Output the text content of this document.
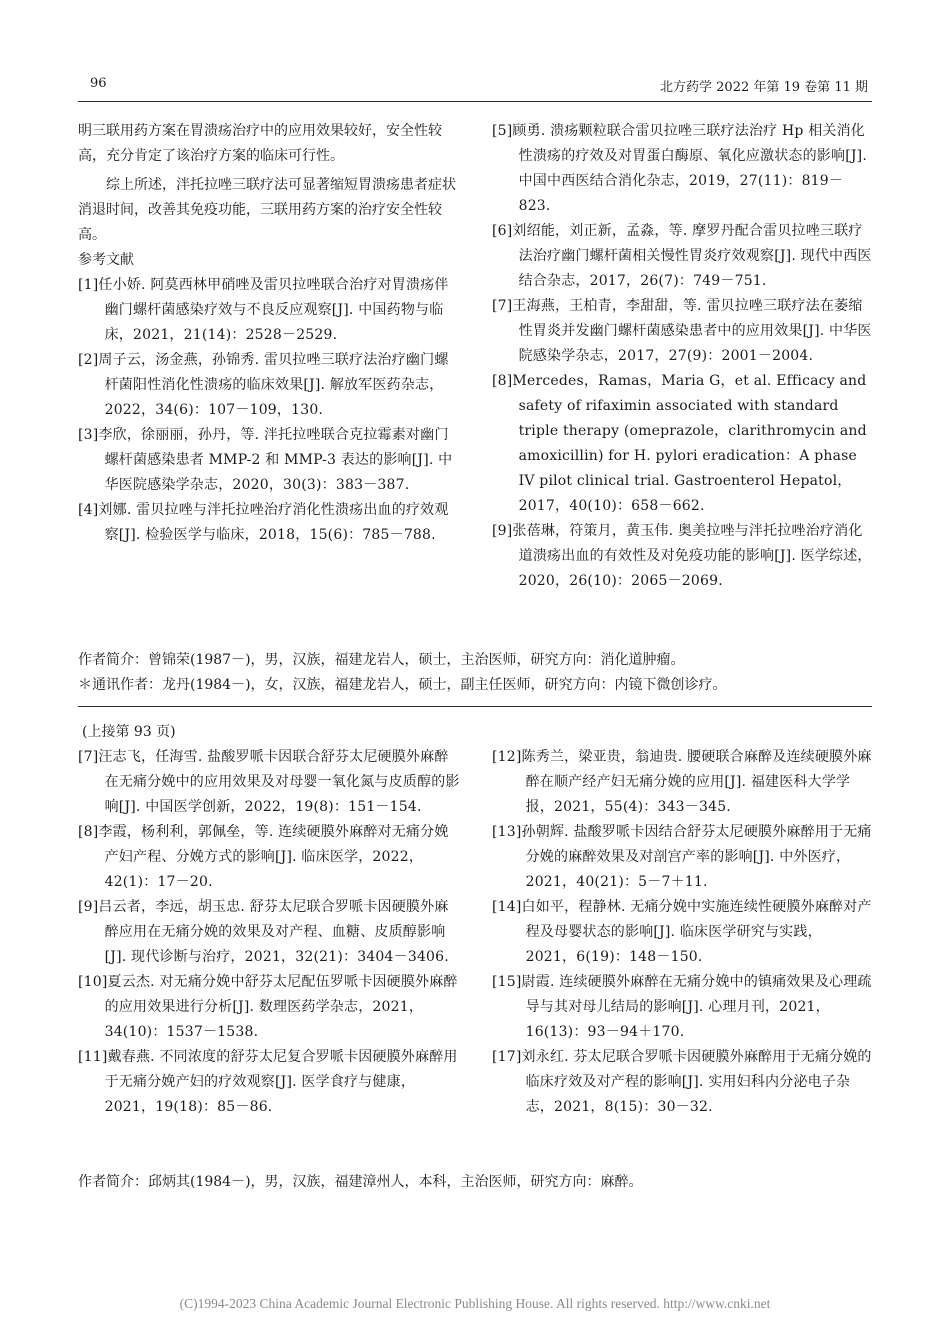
96	北方药学 2022 年第 19 卷第 11 期

明三联用药方案在胃溃疡治疗中的应用效果较好，安全性较高，充分肯定了该治疗方案的临床可行性。

综上所述，泮托拉唑三联疗法可显著缩短胃溃疡患者症状消退时间，改善其免疫功能，三联用药方案的治疗安全性较高。

参考文献

[1]任小娇. 阿莫西林甲硝唑及雷贝拉唑联合治疗对胃溃疡伴幽门螺杆菌感染疗效与不良反应观察[J]. 中国药物与临床，2021，21(14)：2528－2529.

[2]周子云，汤金燕，孙锦秀. 雷贝拉唑三联疗法治疗幽门螺杆菌阳性消化性溃疡的临床效果[J]. 解放军医药杂志，2022，34(6)：107－109，130.

[3]李欣，徐丽丽，孙丹，等. 泮托拉唑联合克拉霉素对幽门螺杆菌感染患者 MMP-2 和 MMP-3 表达的影响[J]. 中华医院感染学杂志，2020，30(3)：383－387.

[4]刘娜. 雷贝拉唑与泮托拉唑治疗消化性溃疡出血的疗效观察[J]. 检验医学与临床，2018，15(6)：785－788.

[5]顾勇. 溃疡颗粒联合雷贝拉唑三联疗法治疗 Hp 相关消化性溃疡的疗效及对胃蛋白酶原、氧化应激状态的影响[J]. 中国中西医结合消化杂志，2019，27(11)：819－823.

[6]刘绍能，刘正新，孟淼，等. 摩罗丹配合雷贝拉唑三联疗法治疗幽门螺杆菌相关慢性胃炎疗效观察[J]. 现代中西医结合杂志，2017，26(7)：749－751.

[7]王海燕，王柏青，李甜甜，等. 雷贝拉唑三联疗法在萎缩性胃炎并发幽门螺杆菌感染患者中的应用效果[J]. 中华医院感染学杂志，2017，27(9)：2001－2004.

[8]Mercedes，Ramas，Maria G，et al. Efficacy and safety of rifaximin associated with standard triple therapy (omeprazole，clarithromycin and amoxicillin) for H. pylori eradication：A phase IV pilot clinical trial. Gastroenterol Hepatol，2017，40(10)：658－662.

[9]张蓓琳，符策月，黄玉伟. 奥美拉唑与泮托拉唑治疗消化道溃疡出血的有效性及对免疫功能的影响[J]. 医学综述，2020，26(10)：2065－2069.

作者简介：曾锦荣(1987－)，男，汉族，福建龙岩人，硕士，主治医师，研究方向：消化道肿瘤。
＊通讯作者：龙丹(1984－)，女，汉族，福建龙岩人，硕士，副主任医师，研究方向：内镜下微创诊疗。
(上接第 93 页)

[7]汪志飞，任海雪. 盐酸罗哌卡因联合舒芬太尼硬膜外麻醉在无痛分娩中的应用效果及对母婴一氧化氮与皮质醇的影响[J]. 中国医学创新，2022，19(8)：151－154.

[8]李霞，杨利利，郭佩垒，等. 连续硬膜外麻醉对无痛分娩产妇产程、分娩方式的影响[J]. 临床医学，2022，42(1)：17－20.

[9]吕云者，李远，胡玉忠. 舒芬太尼联合罗哌卡因硬膜外麻醉应用在无痛分娩的效果及对产程、血糖、皮质醇影响[J]. 现代诊断与治疗，2021，32(21)：3404－3406.

[10]夏云杰. 对无痛分娩中舒芬太尼配伍罗哌卡因硬膜外麻醉的应用效果进行分析[J]. 数理医药学杂志，2021，34(10)：1537－1538.

[11]戴春燕. 不同浓度的舒芬太尼复合罗哌卡因硬膜外麻醉用于无痛分娩产妇的疗效观察[J]. 医学食疗与健康，2021，19(18)：85－86.

[12]陈秀兰，梁亚贵，翁迪贵. 腰硬联合麻醉及连续硬膜外麻醉在顺产经产妇无痛分娩的应用[J]. 福建医科大学学报，2021，55(4)：343－345.

[13]孙朝辉. 盐酸罗哌卡因结合舒芬太尼硬膜外麻醉用于无痛分娩的麻醉效果及对剖宫产率的影响[J]. 中外医疗，2021，40(21)：5－7＋11.

[14]白如平，程静林. 无痛分娩中实施连续性硬膜外麻醉对产程及母婴状态的影响[J]. 临床医学研究与实践，2021，6(19)：148－150.

[15]尉霞. 连续硬膜外麻醉在无痛分娩中的镇痛效果及心理疏导与其对母儿结局的影响[J]. 心理月刊，2021，16(13)：93－94＋170.

[17]刘永红. 芬太尼联合罗哌卡因硬膜外麻醉用于无痛分娩的临床疗效及对产程的影响[J]. 实用妇科内分泌电子杂志，2021，8(15)：30－32.

作者简介：邱炳其(1984－)，男，汉族，福建漳州人，本科，主治医师，研究方向：麻醉。
(C)1994-2023 China Academic Journal Electronic Publishing House. All rights reserved. http://www.cnki.net
